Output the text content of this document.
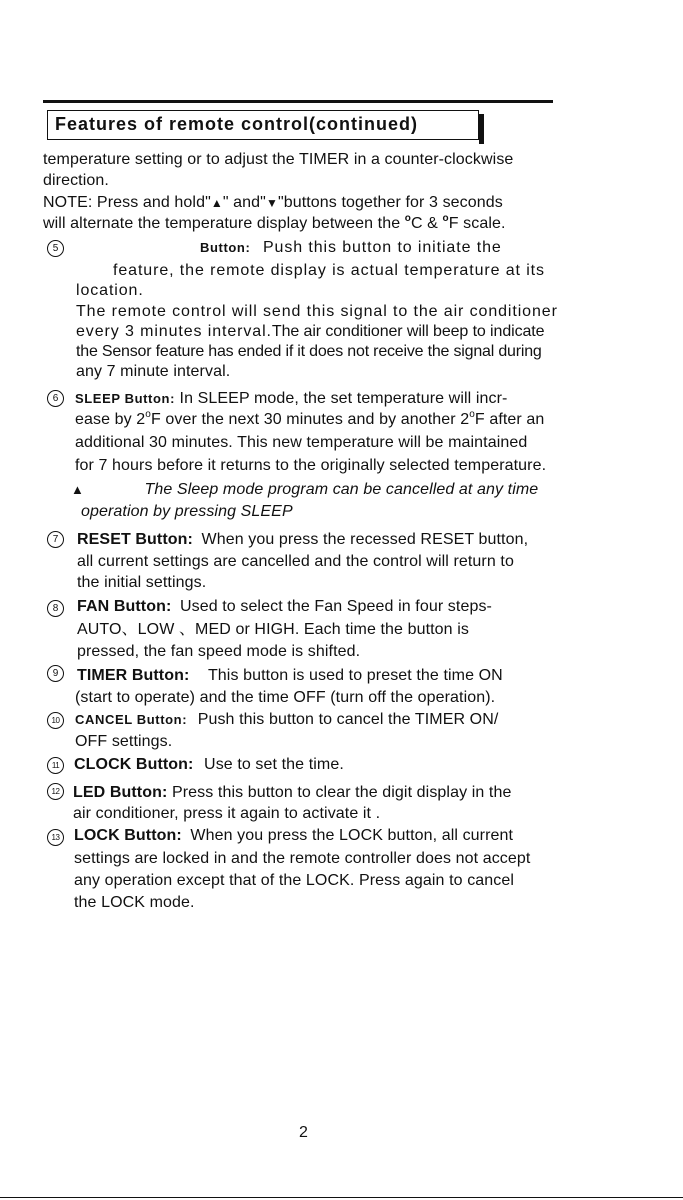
Features of remote control(continued)
temperature setting or to adjust the TIMER in a counter-clockwise
direction.
NOTE: Press and hold"▲" and"▼"buttons together for 3 seconds
will alternate the temperature display between the $^o$C & $^o$F scale.
5	Button: Push this button to initiate the
feature, the remote display is actual temperature at its
location.
The remote control will send this signal to the air conditioner
every 3 minutes interval.The air conditioner will beep to indicate
the Sensor feature has ended if it does not receive the signal during
any 7 minute interval.
6	SLEEP Button: In SLEEP mode, the set temperature will incr-
ease by 2$^o$F over the next 30 minutes and by another 2$^o$F after an
additional 30 minutes. This new temperature will be maintained
for 7 hours before it returns to the originally selected temperature.
▲	The Sleep mode program can be cancelled at any time
operation by pressing SLEEP
7	RESET Button: When you press the recessed RESET button,
all current settings are cancelled and the control will return to
the initial settings.
8	FAN Button: Used to select the Fan Speed in four steps-
AUTO、LOW 、MED or HIGH. Each time the button is
pressed, the fan speed mode is shifted.
9	TIMER Button: This button is used to preset the time ON
(start to operate) and the time OFF (turn off the operation).
10	CANCEL Button: Push this button to cancel the TIMER ON/
OFF settings.
11 CLOCK Button: Use to set the time.
12 LED Button: Press this button to clear the digit display in the
air conditioner, press it again to activate it .
13 LOCK Button: When you press the LOCK button, all current
settings are locked in and the remote controller does not accept
any operation except that of the LOCK. Press again to cancel
the LOCK mode.
2
